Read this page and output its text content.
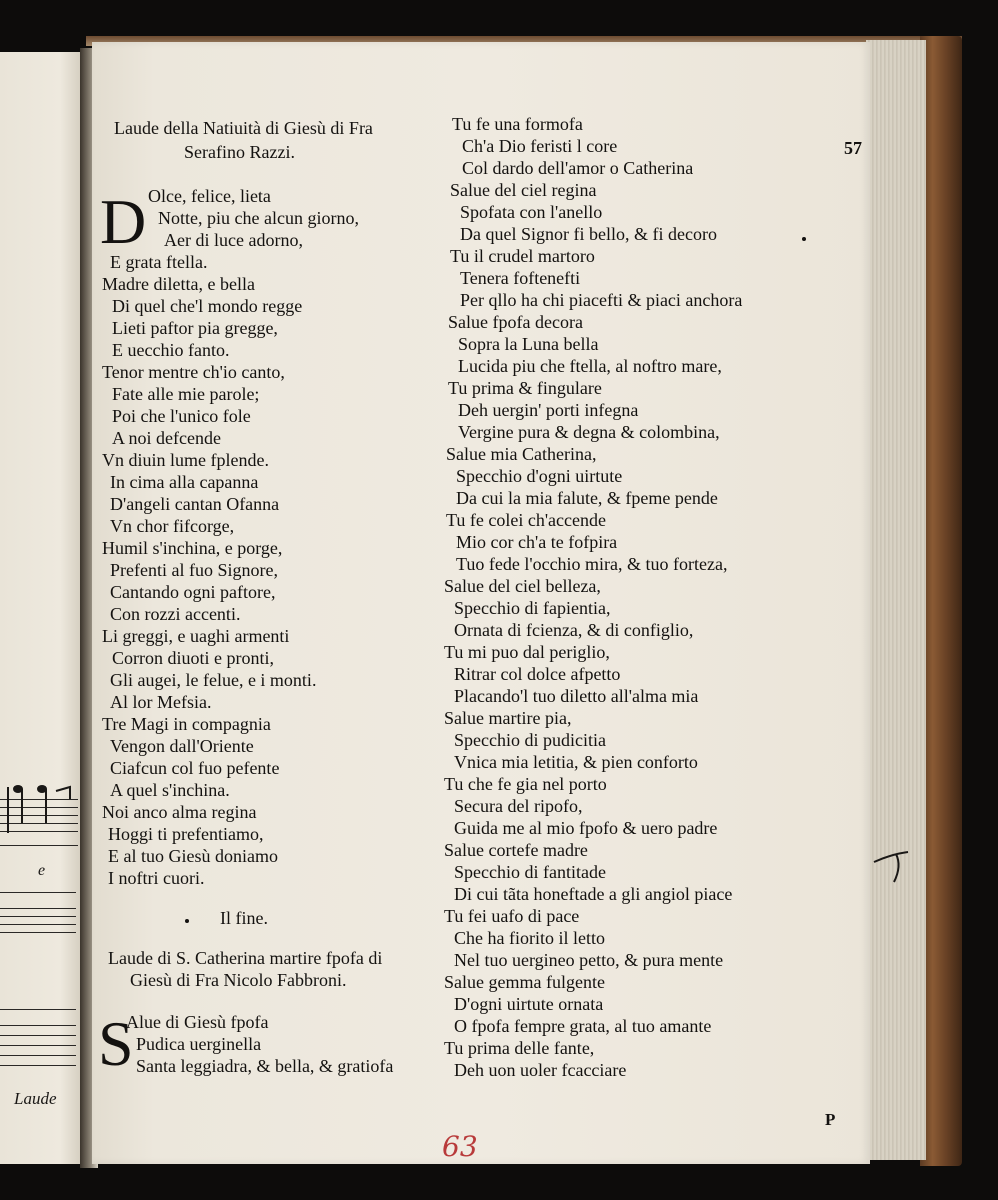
e
Laude
57
Laude della Natiuità di Giesù di Fra
Serafino Razzi.
D Olce, felice, lieta
Notte, piu che alcun giorno,
Aer di luce adorno,
E grata ftella.
Madre diletta, e bella
Di quel che'l mondo regge
Lieti paftor pia gregge,
E uecchio fanto.
Tenor mentre ch'io canto,
Fate alle mie parole;
Poi che l'unico fole
A noi defcende
Vn diuin lume fplende.
In cima alla capanna
D'angeli cantan Ofanna
Vn chor fifcorge,
Humil s'inchina, e porge,
Prefenti al fuo Signore,
Cantando ogni paftore,
Con rozzi accenti.
Li greggi, e uaghi armenti
Corron diuoti e pronti,
Gli augei, le felue, e i monti.
Al lor Mefsia.
Tre Magi in compagnia
Vengon dall'Oriente
Ciafcun col fuo pefente
A quel s'inchina.
Noi anco alma regina
Hoggi ti prefentiamo,
E al tuo Giesù doniamo
I noftri cuori.
Il fine.
Laude di S. Catherina martire fpofa di
Giesù di Fra Nicolo Fabbroni.
S
Alue di Giesù fpofa
Pudica uerginella
Santa leggiadra, & bella, & gratiofa
Tu fe una formofa
Ch'a Dio feristi l core
Col dardo dell'amor o Catherina
Salue del ciel regina
Spofata con l'anello
Da quel Signor fi bello, & fi decoro
Tu il crudel martoro
Tenera foftenefti
Per qllo ha chi piacefti & piaci anchora
Salue fpofa decora
Sopra la Luna bella
Lucida piu che ftella, al noftro mare,
Tu prima & fingulare
Deh uergin' porti infegna
Vergine pura & degna & colombina,
Salue mia Catherina,
Specchio d'ogni uirtute
Da cui la mia falute, & fpeme pende
Tu fe colei ch'accende
Mio cor ch'a te fofpira
Tuo fede l'occhio mira, & tuo forteza,
Salue del ciel belleza,
Specchio di fapientia,
Ornata di fcienza, & di configlio,
Tu mi puo dal periglio,
Ritrar col dolce afpetto
Placando'l tuo diletto all'alma mia
Salue martire pia,
Specchio di pudicitia
Vnica mia letitia, & pien conforto
Tu che fe gia nel porto
Secura del ripofo,
Guida me al mio fpofo & uero padre
Salue cortefe madre
Specchio di fantitade
Di cui tãta honeftade a gli angiol piace
Tu fei uafo di pace
Che ha fiorito il letto
Nel tuo uergineo petto, & pura mente
Salue gemma fulgente
D'ogni uirtute ornata
O fpofa fempre grata, al tuo amante
Tu prima delle fante,
Deh uon uoler fcacciare
P
63
